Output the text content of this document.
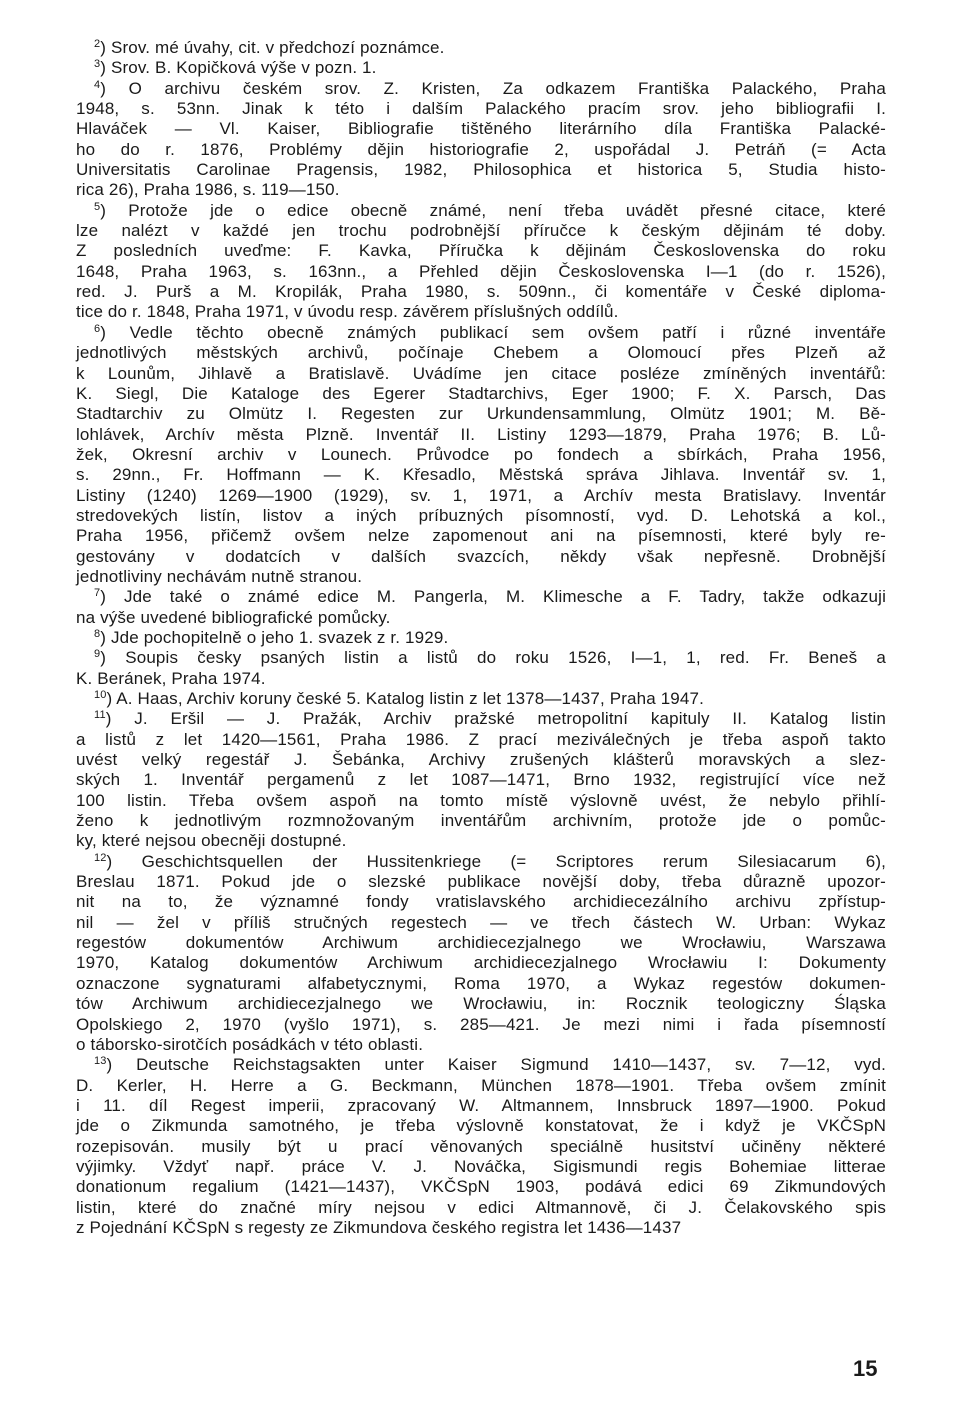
$^2$) Srov. mé úvahy, cit. v předchozí poznámce.
$^3$) Srov. B. Kopičková výše v pozn. 1.
$^4$) O archivu českém srov. Z. Kristen, Za odkazem Františka Palackého, Praha
1948, s. 53nn. Jinak k této i dalším Palackého pracím srov. jeho bibliografii I.
Hlaváček — Vl. Kaiser, Bibliografie tištěného literárního díla Františka Palacké-
ho do r. 1876, Problémy dějin historiografie 2, uspořádal J. Petráň (= Acta
Universitatis Carolinae Pragensis, 1982, Philosophica et historica 5, Studia histo-
rica 26), Praha 1986, s. 119—150.
$^5$) Protože jde o edice obecně známé, není třeba uvádět přesné citace, které
lze nalézt v každé jen trochu podrobnější příručce k českým dějinám té doby.
Z posledních uveďme: F. Kavka, Příručka k dějinám Československa do roku
1648, Praha 1963, s. 163nn., a Přehled dějin Československa I—1 (do r. 1526),
red. J. Purš a M. Kropilák, Praha 1980, s. 509nn., či komentáře v České diploma-
tice do r. 1848, Praha 1971, v úvodu resp. závěrem příslušných oddílů.
$^6$) Vedle těchto obecně známých publikací sem ovšem patří i různé inventáře
jednotlivých městských archivů, počínaje Chebem a Olomoucí přes Plzeň až
k Lounům, Jihlavě a Bratislavě. Uvádíme jen citace posléze zmíněných inventářů:
K. Siegl, Die Kataloge des Egerer Stadtarchivs, Eger 1900; F. X. Parsch, Das
Stadtarchiv zu Olmütz I. Regesten zur Urkundensammlung, Olmütz 1901; M. Bě-
lohlávek, Archív města Plzně. Inventář II. Listiny 1293—1879, Praha 1976; B. Lů-
žek, Okresní archiv v Lounech. Průvodce po fondech a sbírkách, Praha 1956,
s. 29nn., Fr. Hoffmann — K. Křesadlo, Městská správa Jihlava. Inventář sv. 1,
Listiny (1240) 1269—1900 (1929), sv. 1, 1971, a Archív mesta Bratislavy. Inventár
stredovekých listín, listov a iných príbuzných písomností, vyd. D. Lehotská a kol.,
Praha 1956, přičemž ovšem nelze zapomenout ani na písemnosti, které byly re-
gestovány v dodatcích v dalších svazcích, někdy však nepřesně. Drobnější
jednotliviny nechávám nutně stranou.
$^7$) Jde také o známé edice M. Pangerla, M. Klimesche a F. Tadry, takže odkazuji
na výše uvedené bibliografické pomůcky.
$^8$) Jde pochopitelně o jeho 1. svazek z r. 1929.
$^9$) Soupis česky psaných listin a listů do roku 1526, I—1, 1, red. Fr. Beneš a
K. Beránek, Praha 1974.
$^{10}$) A. Haas, Archiv koruny české 5. Katalog listin z let 1378—1437, Praha 1947.
$^{11}$) J. Eršil — J. Pražák, Archiv pražské metropolitní kapituly II. Katalog listin
a listů z let 1420—1561, Praha 1986. Z prací meziválečných je třeba aspoň takto
uvést velký regestář J. Šebánka, Archivy zrušených klášterů moravských a slez-
ských 1. Inventář pergamenů z let 1087—1471, Brno 1932, registrující více než
100 listin. Třeba ovšem aspoň na tomto místě výslovně uvést, že nebylo přihlí-
ženo k jednotlivým rozmnožovaným inventářům archivním, protože jde o pomůc-
ky, které nejsou obecněji dostupné.
$^{12}$) Geschichtsquellen der Hussitenkriege (= Scriptores rerum Silesiacarum 6),
Breslau 1871. Pokud jde o slezské publikace novější doby, třeba důrazně upozor-
nit na to, že významné fondy vratislavského archidiecezálního archivu zpřístup-
nil — žel v příliš stručných regestech — ve třech částech W. Urban: Wykaz
regestów dokumentów Archiwum archidiecezjalnego we Wrocławiu, Warszawa
1970, Katalog dokumentów Archiwum archidiecezjalnego Wrocławiu I: Dokumenty
oznaczone sygnaturami alfabetycznymi, Roma 1970, a Wykaz regestów dokumen-
tów Archiwum archidiecezjalnego we Wrocławiu, in: Rocznik teologiczny Śląska
Opolskiego 2, 1970 (vyšlo 1971), s. 285—421. Je mezi nimi i řada písemností
o táborsko-sirotčích posádkách v této oblasti.
$^{13}$) Deutsche Reichstagsakten unter Kaiser Sigmund 1410—1437, sv. 7—12, vyd.
D. Kerler, H. Herre a G. Beckmann, München 1878—1901. Třeba ovšem zmínit
i 11. díl Regest imperii, zpracovaný W. Altmannem, Innsbruck 1897—1900. Pokud
jde o Zikmunda samotného, je třeba výslovně konstatovat, že i když je VKČSpN
rozepisován. musily být u prací věnovaných speciálně husitství učiněny některé
výjimky. Vždyť např. práce V. J. Nováčka, Sigismundi regis Bohemiae litterae
donationum regalium (1421—1437), VKČSpN 1903, podává edici 69 Zikmundových
listin, které do značné míry nejsou v edici Altmannově, či J. Čelakovského spis
z Pojednání KČSpN s regesty ze Zikmundova českého registra let 1436—1437
15
